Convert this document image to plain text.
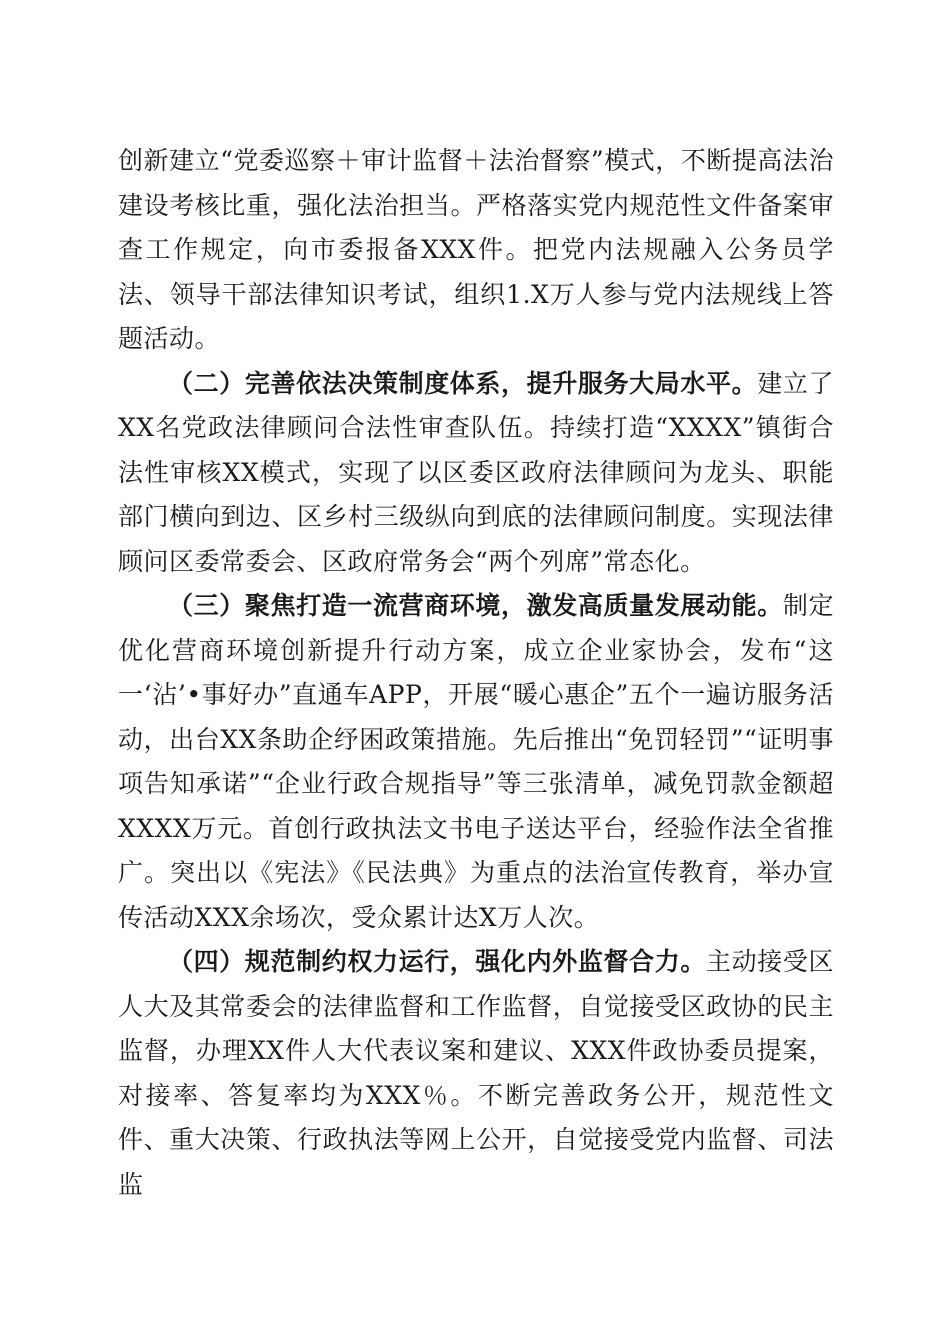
创新建立“党委巡察＋审计监督＋法治督察”模式，不断提高法治建设考核比重，强化法治担当。严格落实党内规范性文件备案审查工作规定，向市委报备XXX件。把党内法规融入公务员学法、领导干部法律知识考试，组织1.X万人参与党内法规线上答题活动。

（二）完善依法决策制度体系，提升服务大局水平。建立了XX名党政法律顾问合法性审查队伍。持续打造“XXXX”镇街合法性审核XX模式，实现了以区委区政府法律顾问为龙头、职能部门横向到边、区乡村三级纵向到底的法律顾问制度。实现法律顾问区委常委会、区政府常务会“两个列席”常态化。

（三）聚焦打造一流营商环境，激发高质量发展动能。制定优化营商环境创新提升行动方案，成立企业家协会，发布“这一‘沾’•事好办”直通车APP，开展“暖心惠企”五个一遍访服务活动，出台XX条助企纾困政策措施。先后推出“免罚轻罚”“证明事项告知承诺”“企业行政合规指导”等三张清单，减免罚款金额超XXXX万元。首创行政执法文书电子送达平台，经验作法全省推广。突出以《宪法》《民法典》为重点的法治宣传教育，举办宣传活动XXX余场次，受众累计达X万人次。

（四）规范制约权力运行，强化内外监督合力。主动接受区人大及其常委会的法律监督和工作监督，自觉接受区政协的民主监督，办理XX件人大代表议案和建议、XXX件政协委员提案，对接率、答复率均为XXX％。不断完善政务公开，规范性文件、重大决策、行政执法等网上公开，自觉接受党内监督、司法监
